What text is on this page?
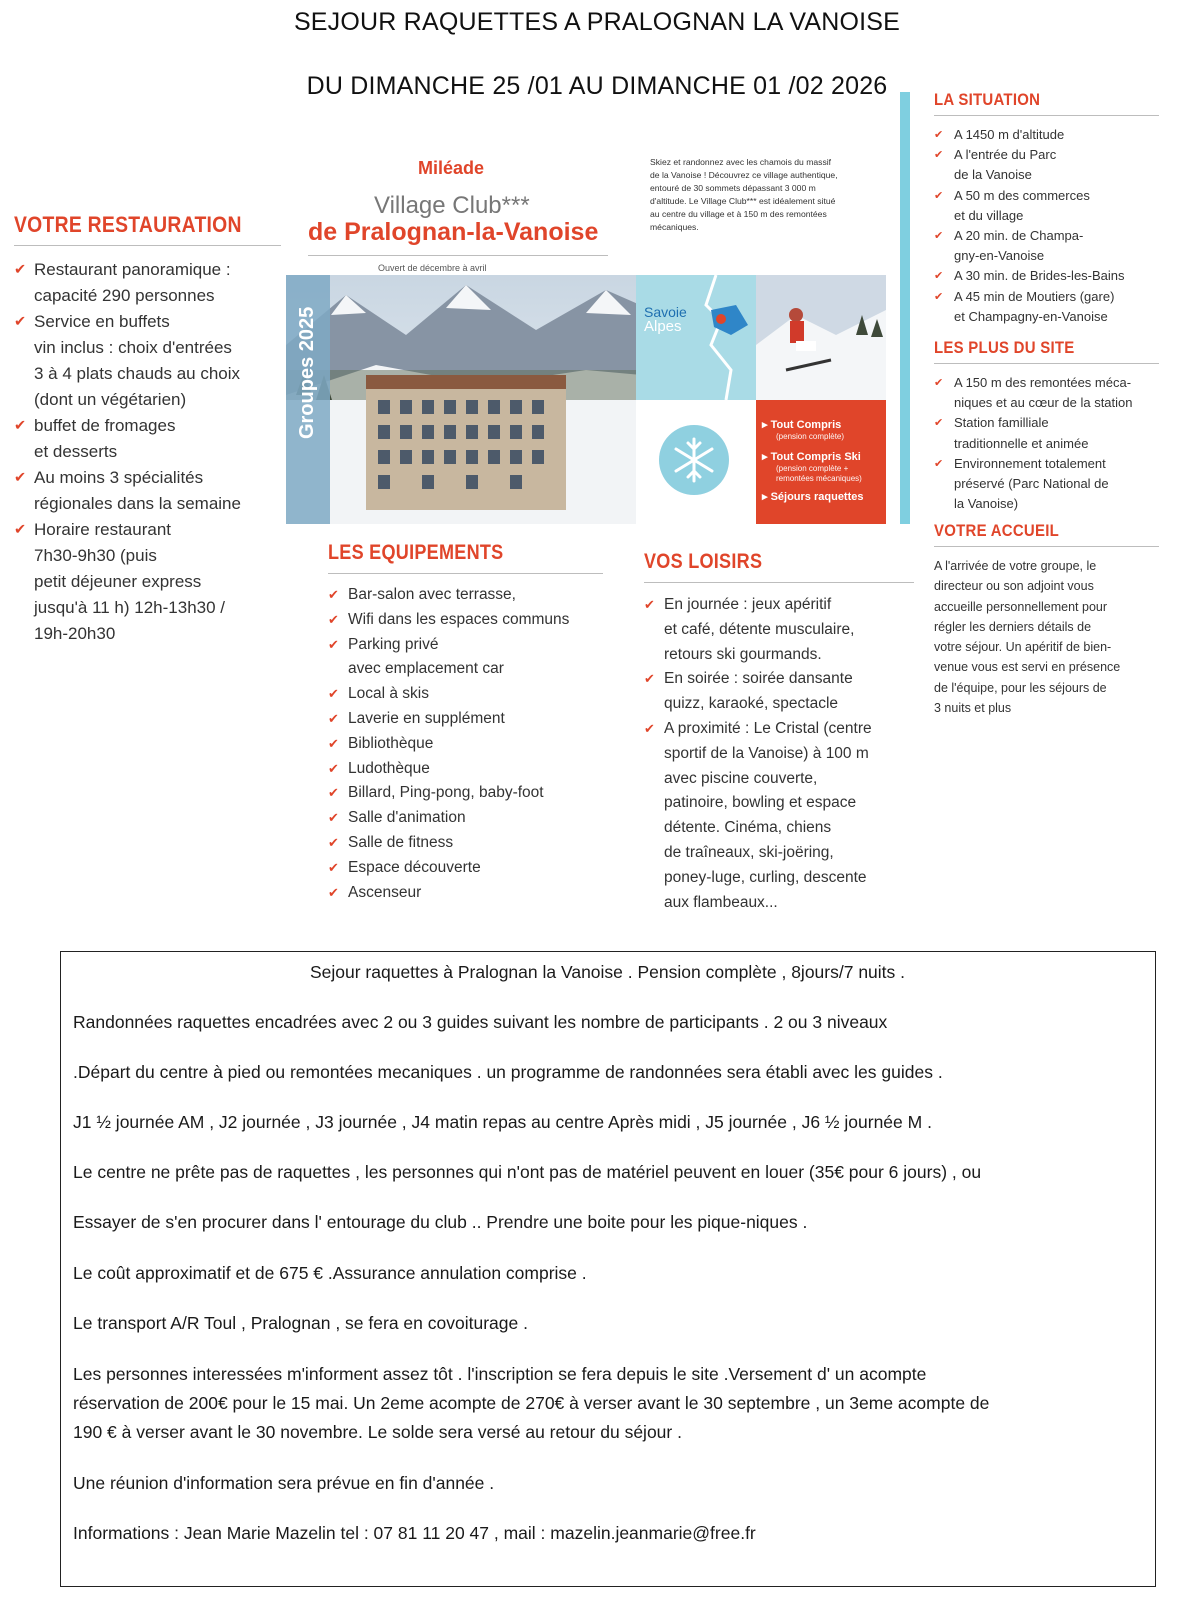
SEJOUR RAQUETTES A PRALOGNAN LA VANOISE
DU DIMANCHE 25 /01 AU DIMANCHE 01 /02 2026
VOTRE RESTAURATION
✔ Restaurant panoramique :
capacité 290 personnes
✔ Service en buffets
vin inclus : choix d'entrées
3 à 4 plats chauds au choix
(dont un végétarien)
✔ buffet de fromages
et desserts
✔ Au moins 3 spécialités
régionales dans la semaine
✔ Horaire restaurant
7h30-9h30 (puis
petit déjeuner express
jusqu'à 11 h) 12h-13h30 /
19h-20h30
Miléade
Village Club***
de Pralognan-la-Vanoise
Ouvert de décembre à avril
Skiez et randonnez avec les chamois du massif
de la Vanoise ! Découvrez ce village authentique,
entouré de 30 sommets dépassant 3 000 m
d'altitude. Le Village Club*** est idéalement situé
au centre du village et à 150 m des remontées
mécaniques.
Groupes 2025	Savoie
Alpes
▸ Tout Compris
(pension complète)
▸ Tout Compris Ski
(pension complète +
remontées mécaniques)
▸ Séjours raquettes
LES EQUIPEMENTS
✔ Bar-salon avec terrasse,
✔ Wifi dans les espaces communs
✔ Parking privé
avec emplacement car
✔ Local à skis
✔ Laverie en supplément
✔ Bibliothèque
✔ Ludothèque
✔ Billard, Ping-pong, baby-foot
✔ Salle d'animation
✔ Salle de fitness
✔ Espace découverte
✔ Ascenseur
VOS LOISIRS
✔ En journée : jeux apéritif
et café, détente musculaire,
retours ski gourmands.
✔ En soirée : soirée dansante
quizz, karaoké, spectacle
✔ A proximité : Le Cristal (centre
sportif de la Vanoise) à 100 m
avec piscine couverte,
patinoire, bowling et espace
détente. Cinéma, chiens
de traîneaux, ski-joëring,
poney-luge, curling, descente
aux flambeaux...
LA SITUATION
✔ A 1450 m d'altitude
✔ A l'entrée du Parc
de la Vanoise
✔ A 50 m des commerces
et du village
✔ A 20 min. de Champa-
gny-en-Vanoise
✔ A 30 min. de Brides-les-Bains
✔ A 45 min de Moutiers (gare)
et Champagny-en-Vanoise
LES PLUS DU SITE
✔ A 150 m des remontées méca-
niques et au cœur de la station
✔ Station familliale
traditionnelle et animée
✔ Environnement totalement
préservé (Parc National de
la Vanoise)
VOTRE ACCUEIL
A l'arrivée de votre groupe, le
directeur ou son adjoint vous
accueille personnellement pour
régler les derniers détails de
votre séjour. Un apéritif de bien-
venue vous est servi en présence
de l'équipe, pour les séjours de
3 nuits et plus

Sejour raquettes à Pralognan la Vanoise . Pension complète , 8jours/7 nuits .

Randonnées raquettes encadrées avec 2 ou 3 guides suivant les nombre de participants . 2 ou 3 niveaux

.Départ du centre à pied ou remontées mecaniques . un programme de randonnées sera établi avec les guides .

J1 ½ journée AM , J2 journée , J3 journée , J4 matin repas au centre Après midi , J5 journée , J6 ½ journée M .

Le centre ne prête pas de raquettes , les personnes qui n'ont pas de matériel peuvent en louer (35€ pour 6 jours) , ou

Essayer de s'en procurer dans l' entourage du club .. Prendre une boite pour les pique-niques .

Le coût approximatif et de 675 € .Assurance annulation comprise .

Le transport A/R Toul , Pralognan , se fera en covoiturage .

Les personnes interessées m'informent assez tôt . l'inscription se fera depuis le site .Versement d' un acompte

réservation de 200€ pour le 15 mai. Un 2eme acompte de 270€ à verser avant le 30 septembre , un 3eme acompte de

190 € à verser avant le 30 novembre. Le solde sera versé au retour du séjour .

Une réunion d'information sera prévue en fin d'année .

Informations : Jean Marie Mazelin tel : 07 81 11 20 47 , mail : mazelin.jeanmarie@free.fr
